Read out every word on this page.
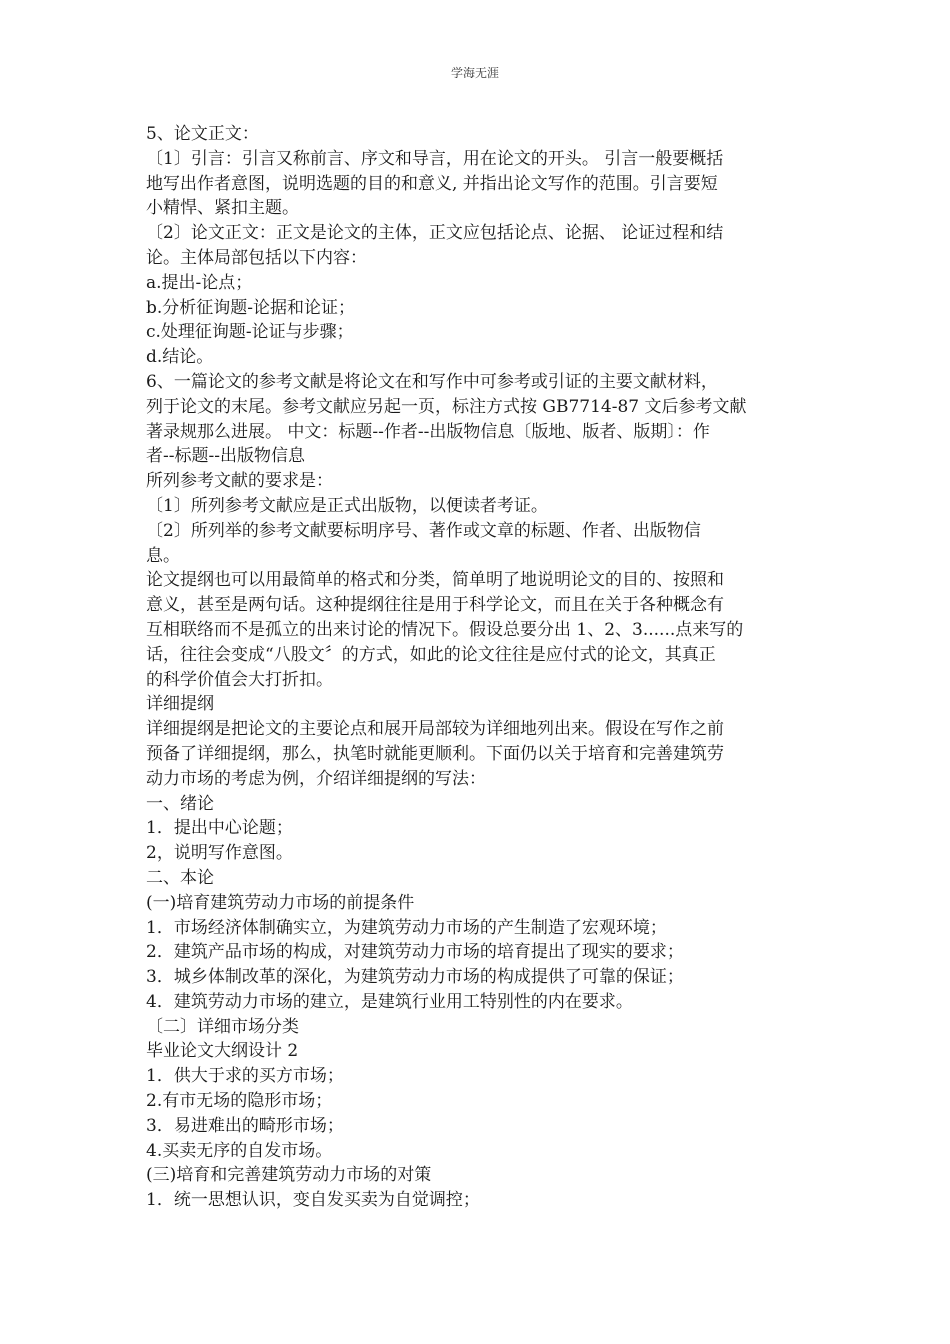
学海无涯

5、论文正文：

〔1〕引言：引言又称前言、序文和导言，用在论文的开头。 引言一般要概括

地写出作者意图，说明选题的目的和意义, 并指出论文写作的范围。引言要短

小精悍、紧扣主题。

〔2〕论文正文：正文是论文的主体，正文应包括论点、论据、 论证过程和结

论。主体局部包括以下内容：

a.提出-论点；

b.分析征询题-论据和论证；

c.处理征询题-论证与步骤；

d.结论。

6、一篇论文的参考文献是将论文在和写作中可参考或引证的主要文献材料，

列于论文的末尾。参考文献应另起一页，标注方式按 GB7714-87 文后参考文献

著录规那么进展。 中文：标题--作者--出版物信息〔版地、版者、版期〕：作

者--标题--出版物信息

所列参考文献的要求是：

〔1〕所列参考文献应是正式出版物，以便读者考证。

〔2〕所列举的参考文献要标明序号、著作或文章的标题、作者、出版物信

息。

论文提纲也可以用最简单的格式和分类，简单明了地说明论文的目的、按照和

意义，甚至是两句话。这种提纲往往是用于科学论文，而且在关于各种概念有

互相联络而不是孤立的出来讨论的情况下。假设总要分出 1、2、3......点来写的

话，往往会变成“八股文〞的方式，如此的论文往往是应付式的论文，其真正

的科学价值会大打折扣。

详细提纲

详细提纲是把论文的主要论点和展开局部较为详细地列出来。假设在写作之前

预备了详细提纲，那么，执笔时就能更顺利。下面仍以关于培育和完善建筑劳

动力市场的考虑为例，介绍详细提纲的写法：

一、绪论

1．提出中心论题；

2，说明写作意图。

二、本论

(一)培育建筑劳动力市场的前提条件

1．市场经济体制确实立，为建筑劳动力市场的产生制造了宏观环境；

2．建筑产品市场的构成，对建筑劳动力市场的培育提出了现实的要求；

3．城乡体制改革的深化，为建筑劳动力市场的构成提供了可靠的保证；

4．建筑劳动力市场的建立，是建筑行业用工特别性的内在要求。

〔二〕详细市场分类

毕业论文大纲设计 2

1．供大于求的买方市场；

2.有市无场的隐形市场；

3．易进难出的畸形市场；

4.买卖无序的自发市场。

(三)培育和完善建筑劳动力市场的对策

1．统一思想认识，变自发买卖为自觉调控；
